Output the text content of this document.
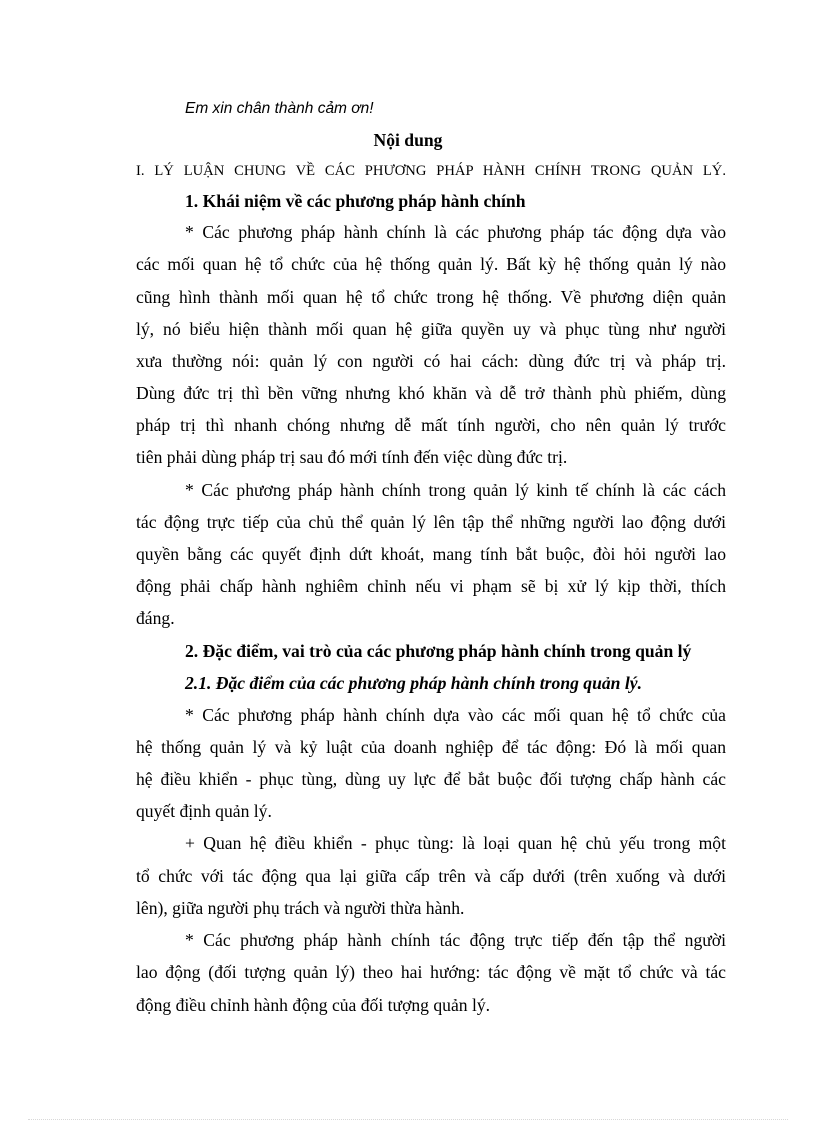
Em xin chân thành cảm ơn!
Nội dung
I. LÝ LUẬN CHUNG VỀ CÁC PHƯƠNG PHÁP HÀNH CHÍNH TRONG QUẢN LÝ.
1. Khái niệm về các phương pháp hành chính
* Các phương pháp hành chính là các phương pháp tác động dựa vào
các mối quan hệ tổ chức của hệ thống quản lý. Bất kỳ hệ thống quản lý nào
cũng hình thành mối quan hệ tổ chức trong hệ thống. Về phương diện quản
lý, nó biểu hiện thành mối quan hệ giữa quyền uy và phục tùng như người
xưa thường nói: quản lý con người có hai cách: dùng đức trị và pháp trị.
Dùng đức trị thì bền vững nhưng khó khăn và dễ trở thành phù phiếm, dùng
pháp trị thì nhanh chóng nhưng dễ mất tính người, cho nên quản lý trước
tiên phải dùng pháp trị sau đó mới tính đến việc dùng đức trị.
* Các phương pháp hành chính trong quản lý kinh tế chính là các cách
tác động trực tiếp của chủ thể quản lý lên tập thể những người lao động dưới
quyền bằng các quyết định dứt khoát, mang tính bắt buộc, đòi hỏi người lao
động phải chấp hành nghiêm chỉnh nếu vi phạm sẽ bị xử lý kịp thời, thích
đáng.
2. Đặc điểm, vai trò của các phương pháp hành chính trong quản lý
2.1. Đặc điểm của các phương pháp hành chính trong quản lý.
* Các phương pháp hành chính dựa vào các mối quan hệ tổ chức của
hệ thống quản lý và kỷ luật của doanh nghiệp để tác động: Đó là mối quan
hệ điều khiển - phục tùng, dùng uy lực để bắt buộc đối tượng chấp hành các
quyết định quản lý.
+ Quan hệ điều khiển - phục tùng: là loại quan hệ chủ yếu trong một
tổ chức với tác động qua lại giữa cấp trên và cấp dưới (trên xuống và dưới
lên), giữa người phụ trách và người thừa hành.
* Các phương pháp hành chính tác động trực tiếp đến tập thể người
lao động (đối tượng quản lý) theo hai hướng: tác động về mặt tổ chức và tác
động điều chỉnh hành động của đối tượng quản lý.
